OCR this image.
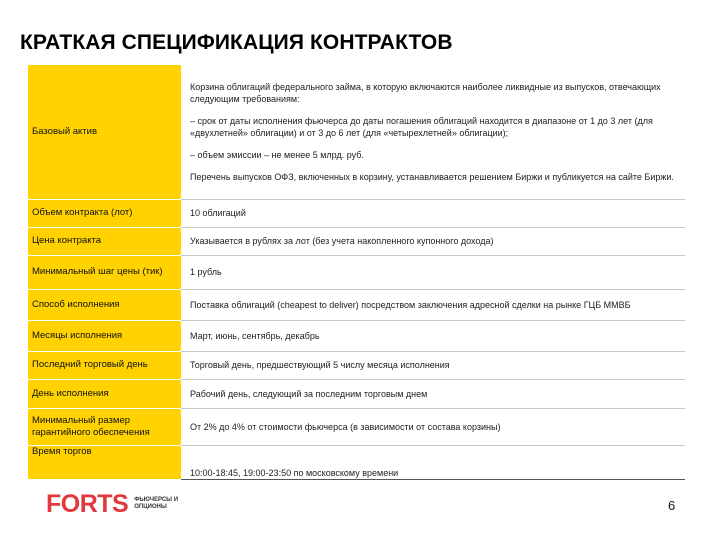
КРАТКАЯ СПЕЦИФИКАЦИЯ КОНТРАКТОВ
Базовый актив	Корзина облигаций федерального займа, в которую включаются наиболее ликвидные из выпусков, отвечающих следующим требованиям:

– срок от даты исполнения фьючерса до даты погашения облигаций находится в диапазоне от 1 до 3 лет (для «двухлетней» облигации) и от 3 до 6 лет (для «четырехлетней» облигации);

– объем эмиссии – не менее 5 млрд. руб.

Перечень выпусков ОФЗ, включенных в корзину, устанавливается решением Биржи и публикуется на сайте Биржи.

Объем контракта (лот)	10 облигаций
Цена контракта	Указывается в рублях за лот (без учета накопленного купонного дохода)
Минимальный шаг цены (тик)	1 рубль
Способ исполнения	Поставка облигаций (cheapest to deliver) посредством заключения адресной сделки на рынке ГЦБ ММВБ
Месяцы исполнения	Март, июнь, сентябрь, декабрь
Последний торговый день	Торговый день, предшествующий 5 числу месяца исполнения
День исполнения	Рабочий день, следующий за последним торговым днем
Минимальный размер гарантийного обеспечения	От 2% до 4% от стоимости фьючерса (в зависимости от состава корзины)
Время торгов	10:00-18:45, 19:00-23:50 по московскому времени
FORTS ФЬЮЧЕРСЫ И ОПЦИОНЫ	6
